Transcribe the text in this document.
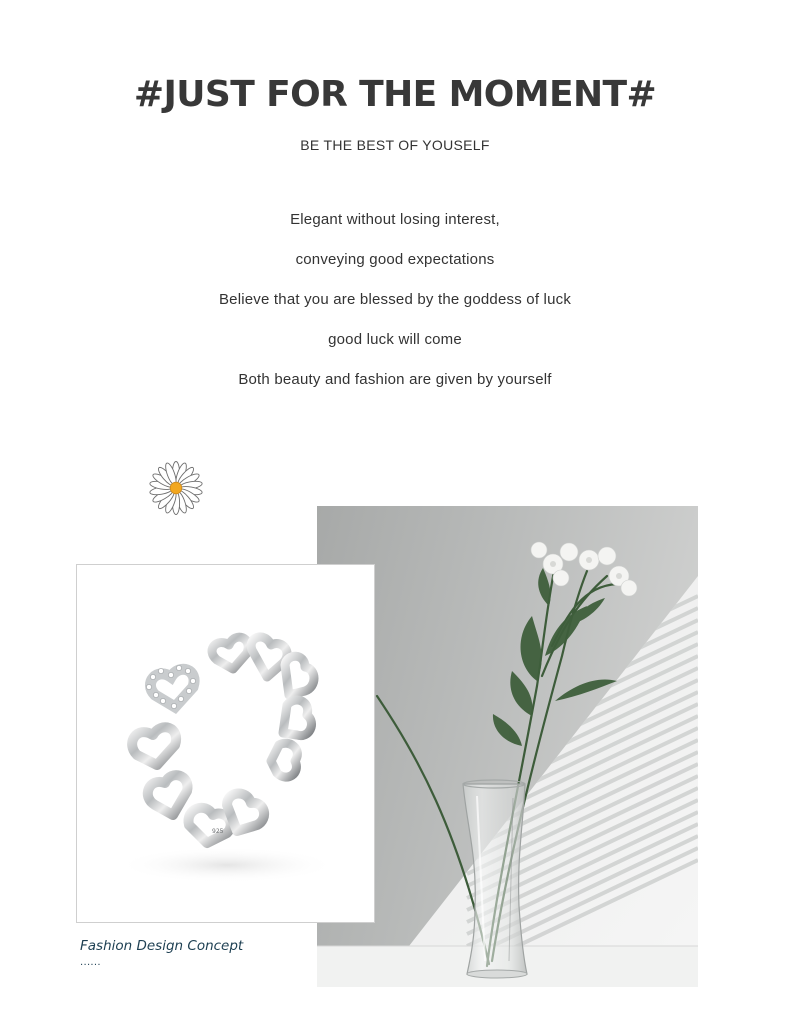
#JUST FOR THE MOMENT#
BE THE BEST OF YOUSELF
Elegant without losing interest,
conveying good expectations
Believe that you are blessed by the goddess of luck
good luck will come
Both beauty and fashion are given by yourself
925
Fashion Design Concept
......
